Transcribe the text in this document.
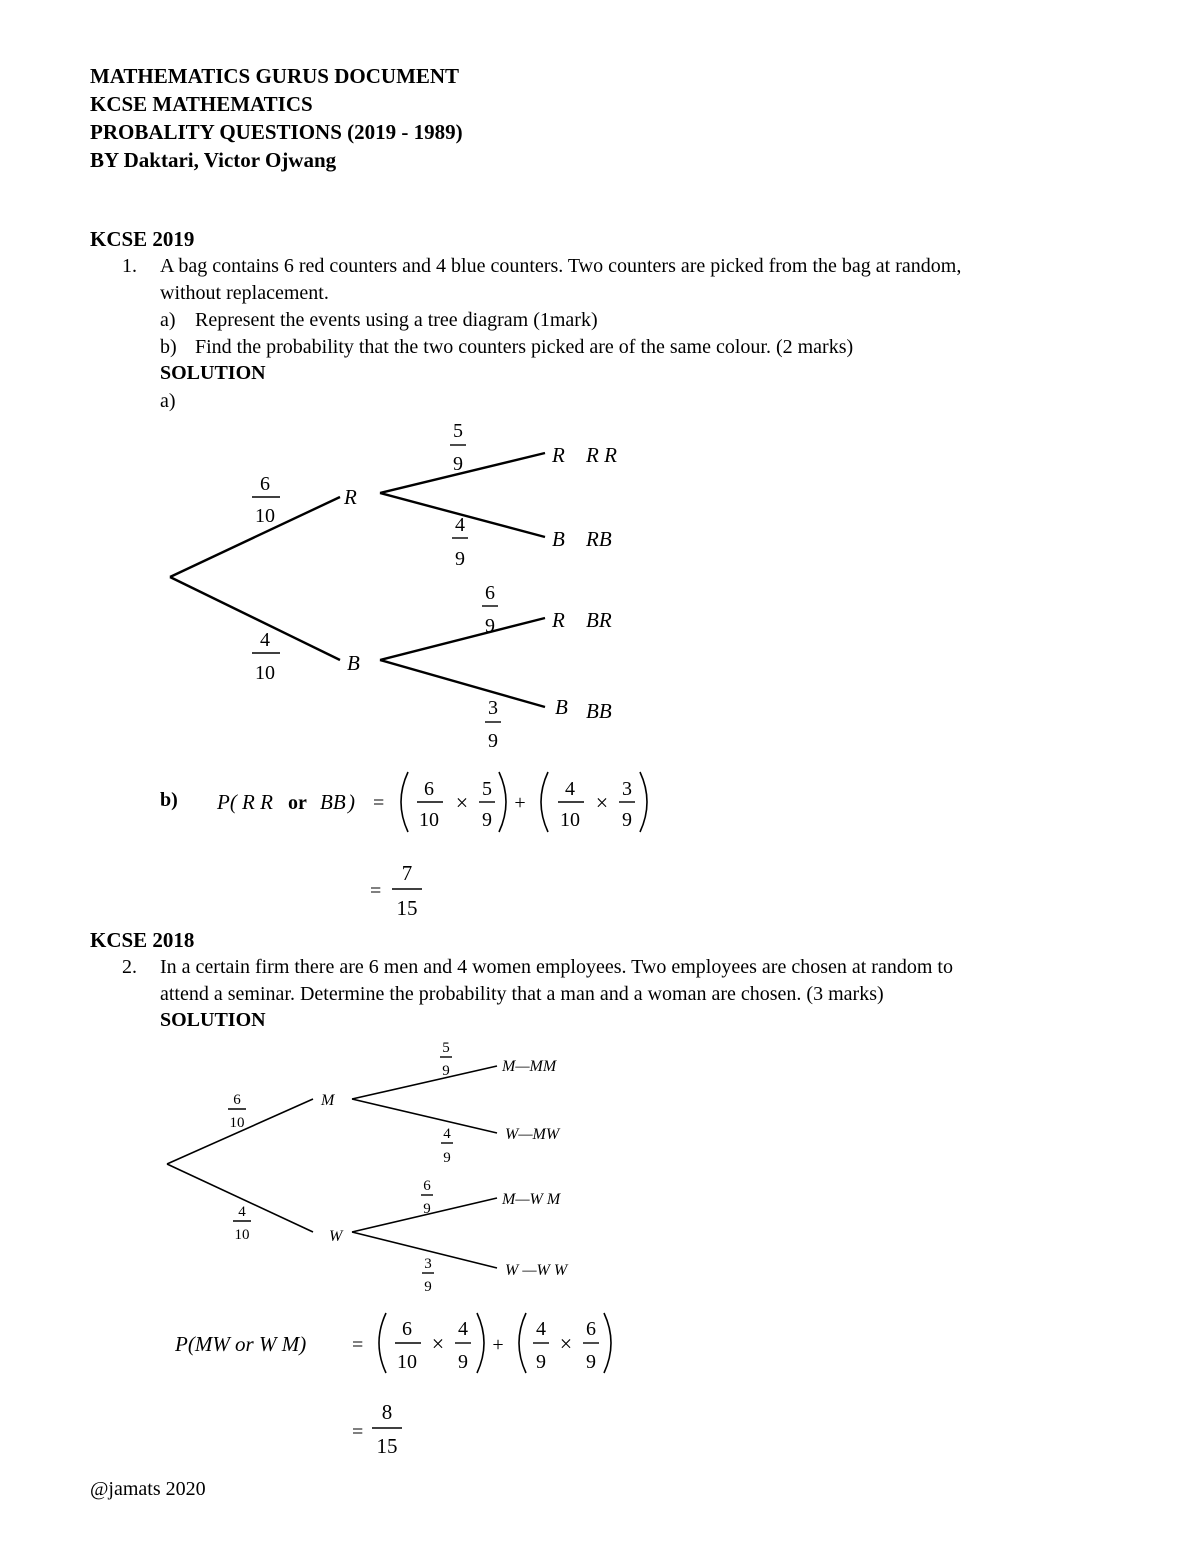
MATHEMATICS GURUS DOCUMENT
KCSE MATHEMATICS
PROBALITY QUESTIONS (2019 - 1989)
BY Daktari, Victor Ojwang
KCSE 2019
1. A bag contains 6 red counters and 4 blue counters. Two counters are picked from the bag at random,
without replacement.
a) Represent the events using a tree diagram (1mark)
b) Find the probability that the two counters picked are of the same colour. (2 marks)
SOLUTION
a)
6
10
4
10
R
B
5
9
4
9
6
9
3
9
R R R
B RB
R BR
B BB
b) P( R R or BB ) =
6
10
×
5
9
+
4
10
×
3
9
=
7
15
KCSE 2018
2. In a certain firm there are 6 men and 4 women employees. Two employees are chosen at random to
attend a seminar. Determine the probability that a man and a woman are chosen. (3 marks)
SOLUTION
6
10
4
10
M
W
5
9
4
9
6
9
3
9
M—MM
W—MW
M—W M
W —W W
P(MW or W M) =
6
10
×
4
9
+
4
9
×
6
9
=
8
15
@jamats 2020
